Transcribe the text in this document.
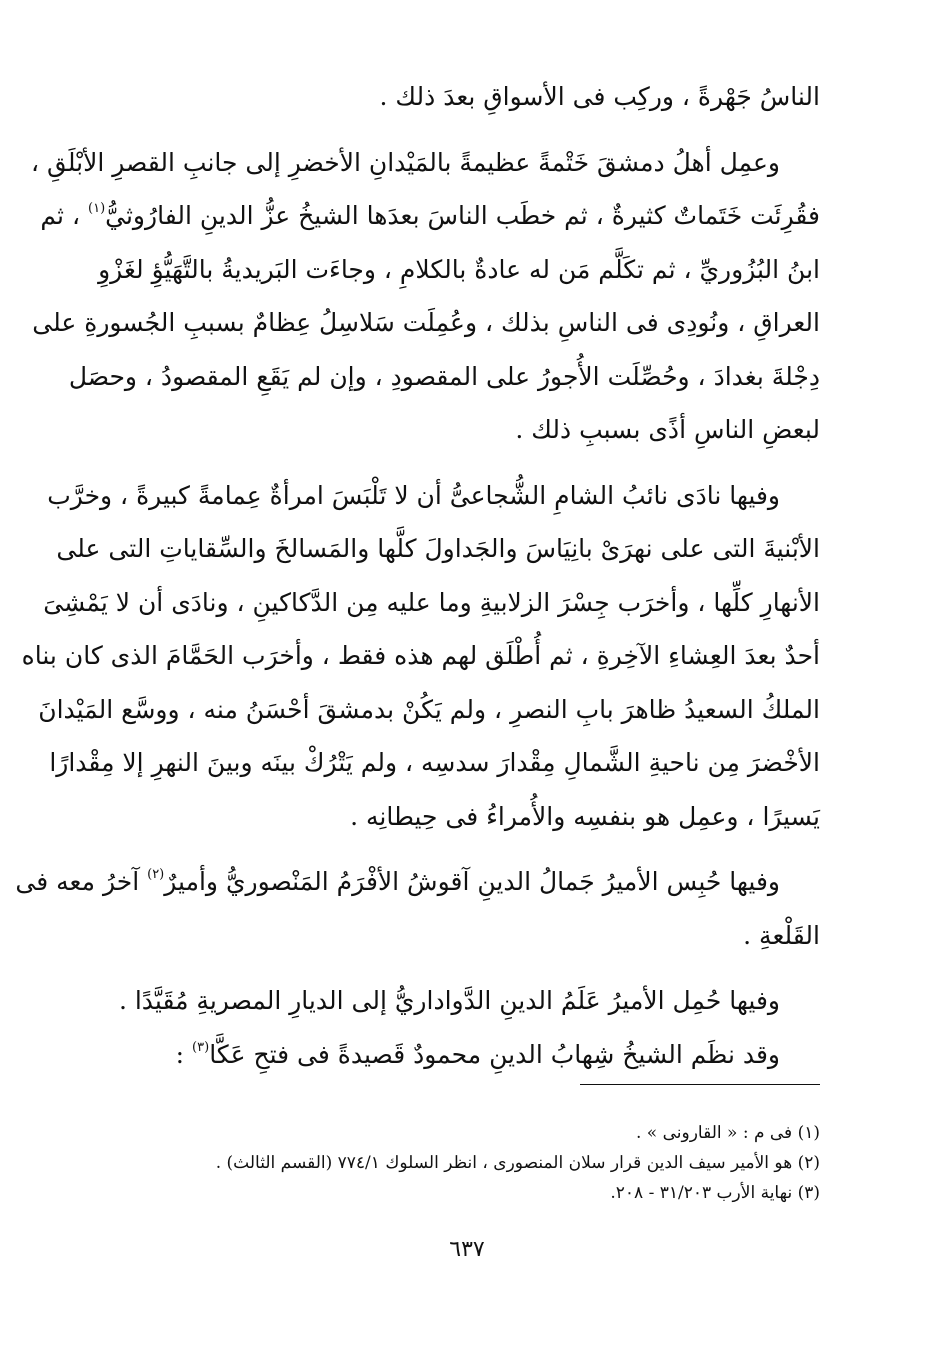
الناسُ جَهْرةً ، وركِب فى الأسواقِ بعدَ ذلك .
وعمِل أهلُ دمشقَ خَتْمةً عظيمةً بالمَيْدانِ الأخضرِ إلى جانبِ القصرِ الأبْلَقِ ،
فقُرِئَت خَتَماتٌ كثيرةٌ ، ثم خطَب الناسَ بعدَها الشيخُ عزُّ الدينِ الفارُوثيُّ$^{(١)}$ ، ثم
ابنُ البُزُوريِّ ، ثم تكَلَّم مَن له عادةٌ بالكلامِ ، وجاءَت البَريديةُ بالتَّهَيُّؤِ لغَزْوِ
العراقِ ، ونُودِى فى الناسِ بذلك ، وعُمِلَت سَلاسِلُ عِظامٌ بسببِ الجُسورةِ على
دِجْلةَ بغدادَ ، وحُصِّلَت الأُجورُ على المقصودِ ، وإن لم يَقَعِ المقصودُ ، وحصَل
لبعضِ الناسِ أذًى بسببِ ذلك .
وفيها نادَى نائبُ الشامِ الشُّجاعىُّ أن لا تَلْبَسَ امرأةٌ عِمامةً كبيرةً ، وخرَّب
الأبْنيةَ التى على نهرَىْ بانِيَاسَ والجَداولَ كلَّها والمَسالخَ والسِّقاياتِ التى على
الأنهارِ كلِّها ، وأخرَب جِسْرَ الزلابيةِ وما عليه مِن الدَّكاكينِ ، ونادَى أن لا يَمْشِىَ
أحدٌ بعدَ العِشاءِ الآخِرةِ ، ثم أُطْلَق لهم هذه فقط ، وأخرَب الحَمَّامَ الذى كان بناه
الملكُ السعيدُ ظاهرَ بابِ النصرِ ، ولم يَكُنْ بدمشقَ أحْسَنُ منه ، ووسَّع المَيْدانَ
الأخْضرَ مِن ناحيةِ الشَّمالِ مِقْدارَ سدسِه ، ولم يَتْرُكْ بينَه وبينَ النهرِ إلا مِقْدارًا
يَسيرًا ، وعمِل هو بنفسِه والأُمراءُ فى حِيطانِه .
وفيها حُبِس الأميرُ جَمالُ الدينِ آقوشُ الأفْرَمُ المَنْصوريُّ وأميرٌ$^{(٢)}$ آخرُ معه فى
القَلْعةِ .
وفيها حُمِل الأميرُ عَلَمُ الدينِ الدَّواداريُّ إلى الديارِ المصريةِ مُقَيَّدًا .
وقد نظَم الشيخُ شِهابُ الدينِ محمودٌ قَصيدةً فى فتحِ عَكَّا$^{(٣)}$ :
(١) فى م : « القارونى » .
(٢) هو الأمير سيف الدين قرار سلان المنصورى ، انظر السلوك ٧٧٤/١ (القسم الثالث) .
(٣) نهاية الأرب ٣١/٢٠٣ - ٢٠٨.
٦٣٧
